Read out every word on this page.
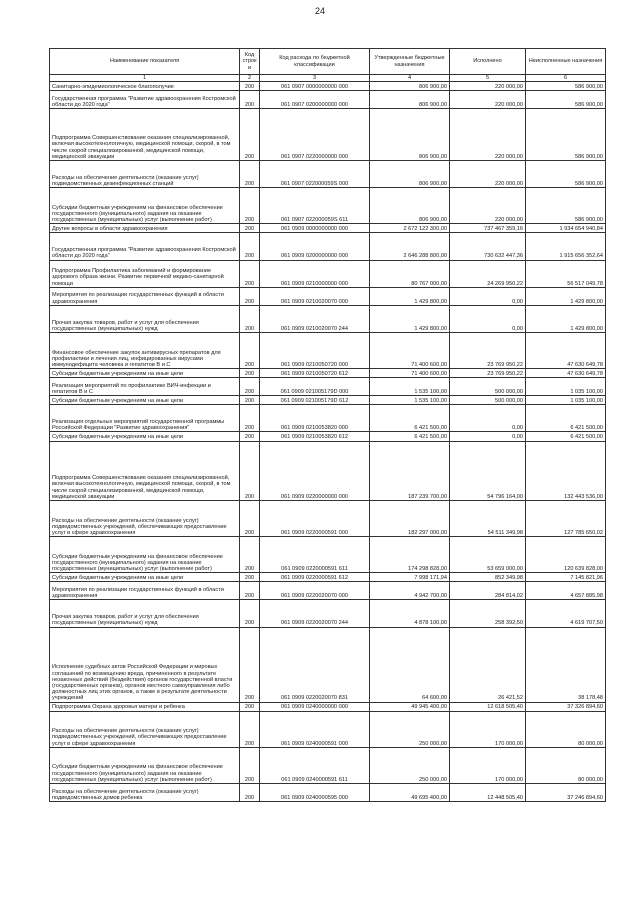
24
Наименование показателя	Код строк и	Код расхода по бюджетной классификации	Утвержденные бюджетные назначения	Исполнено	Неисполненные назначения
1	2	3	4	5	6
Санитарно-эпидемиологическое благополучие	200	061 0907 0000000000 000	806 900,00	220 000,00	586 900,00
Государственная программа "Развитие здравоохранения Костромской области до 2020 года"	200	061 0907 0200000000 000	806 900,00	220 000,00	586 900,00
Подпрограмма Совершенствование оказания специализированной, включая высокотехнологичную, медицинской помощи, скорой, в том числе скорой специализированной, медицинской помощи, медицинской эвакуации	200	061 0907 0220000000 000	806 900,00	220 000,00	586 900,00
Расходы на обеспечение деятельности (оказание услуг) подведомственных дезинфекционных станций	200	061 0907 022000059S 000	806 900,00	220 000,00	586 900,00
Субсидии бюджетным учреждениям на финансовое обеспечение государственного (муниципального) задания на оказание государственных (муниципальных) услуг (выполнение работ)	200	061 0907 022000059S 611	806 900,00	220 000,00	586 900,00
Другие вопросы в области здравоохранения	200	061 0909 0000000000 000	2 672 122 300,00	737 467 359,16	1 934 654 940,84
Государственная программа "Развитие здравоохранения Костромской области до 2020 года"	200	061 0909 0200000000 000	2 646 288 800,00	730 632 447,36	1 915 656 352,64
Подпрограмма Профилактика заболеваний и формирование здорового образа жизни. Развитие первичной медико-санитарной помощи	200	061 0909 0210000000 000	80 767 000,00	24 269 950,22	56 517 049,78
Мероприятия по реализации государственных функций в области здравоохранения	200	061 0909 0210020070 000	1 429 800,00	0,00	1 429 800,00
Прочая закупка товаров, работ и услуг для обеспечения государственных (муниципальных) нужд	200	061 0909 0210020070 244	1 429 800,00	0,00	1 429 800,00
Финансовое обеспечение закупок антивирусных препаратов для профилактики и лечения лиц, инфицированных вирусами иммунодефицита человека и гепатитов В и С	200	061 0909 0210050720 000	71 400 600,00	23 769 950,22	47 630 649,78
Субсидии бюджетным учреждениям на иные цели	200	061 0909 0210050720 612	71 400 600,00	23 769 950,22	47 630 649,78
Реализация мероприятий по профилактике ВИЧ-инфекции и гепатитов В и С	200	061 0909 021005179D 000	1 535 100,00	500 000,00	1 035 100,00
Субсидии бюджетным учреждениям на иные цели	200	061 0909 021005179D 612	1 535 100,00	500 000,00	1 035 100,00
Реализация отдельных мероприятий государственной программы Российской Федерации "Развитие здравоохранения"	200	061 0909 0210053820 000	6 421 500,00	0,00	6 421 500,00
Субсидии бюджетным учреждениям на иные цели	200	061 0909 0210053820 612	6 421 500,00	0,00	6 421 500,00
Подпрограмма Совершенствование оказания специализированной, включая высокотехнологичную, медицинской помощи, скорой, в том числе скорой специализированной, медицинской помощи, медицинской эвакуации	200	061 0909 0220000000 000	187 239 700,00	54 796 164,00	132 443 536,00
Расходы на обеспечение деятельности (оказание услуг) подведомственных учреждений, обеспечивающих предоставление услуг в сфере здравоохранения	200	061 0909 0220000591 000	182 297 000,00	54 511 349,98	127 785 650,02
Субсидии бюджетным учреждениям на финансовое обеспечение государственного (муниципального) задания на оказание государственных (муниципальных) услуг (выполнение работ)	200	061 0909 0220000591 611	174 298 828,00	53 659 000,00	120 639 828,00
Субсидии бюджетным учреждениям на иные цели	200	061 0909 0220000591 612	7 998 171,94	852 349,98	7 145 821,96
Мероприятия по реализации государственных функций в области здравоохранения	200	061 0909 0220020070 000	4 942 700,00	284 814,02	4 657 885,98
Прочая закупка товаров, работ и услуг для обеспечения государственных (муниципальных) нужд	200	061 0909 0220020070 244	4 878 100,00	258 392,50	4 619 707,50
Исполнение судебных актов Российской Федерации и мировых соглашений по возмещению вреда, причиненного в результате незаконных действий (бездействия) органов государственной власти (государственных органов), органов местного самоуправления либо должностных лиц этих органов, а также в результате деятельности учреждений	200	061 0909 0220020070 831	64 600,00	26 421,52	38 178,48
Подпрограмма Охрана здоровья матери и ребенка	200	061 0909 0240000000 000	49 945 400,00	12 618 505,40	37 326 894,60
Расходы на обеспечение деятельности (оказание услуг) подведомственных учреждений, обеспечивающих предоставление услуг в сфере здравоохранения	200	061 0909 0240000591 000	250 000,00	170 000,00	80 000,00
Субсидии бюджетным учреждениям на финансовое обеспечение государственного (муниципального) задания на оказание государственных (муниципальных) услуг (выполнение работ)	200	061 0909 0240000591 611	250 000,00	170 000,00	80 000,00
Расходы на обеспечение деятельности (оказание услуг) подведомственных домов ребенка	200	061 0909 0240000595 000	49 695 400,00	12 448 505,40	37 246 894,60
